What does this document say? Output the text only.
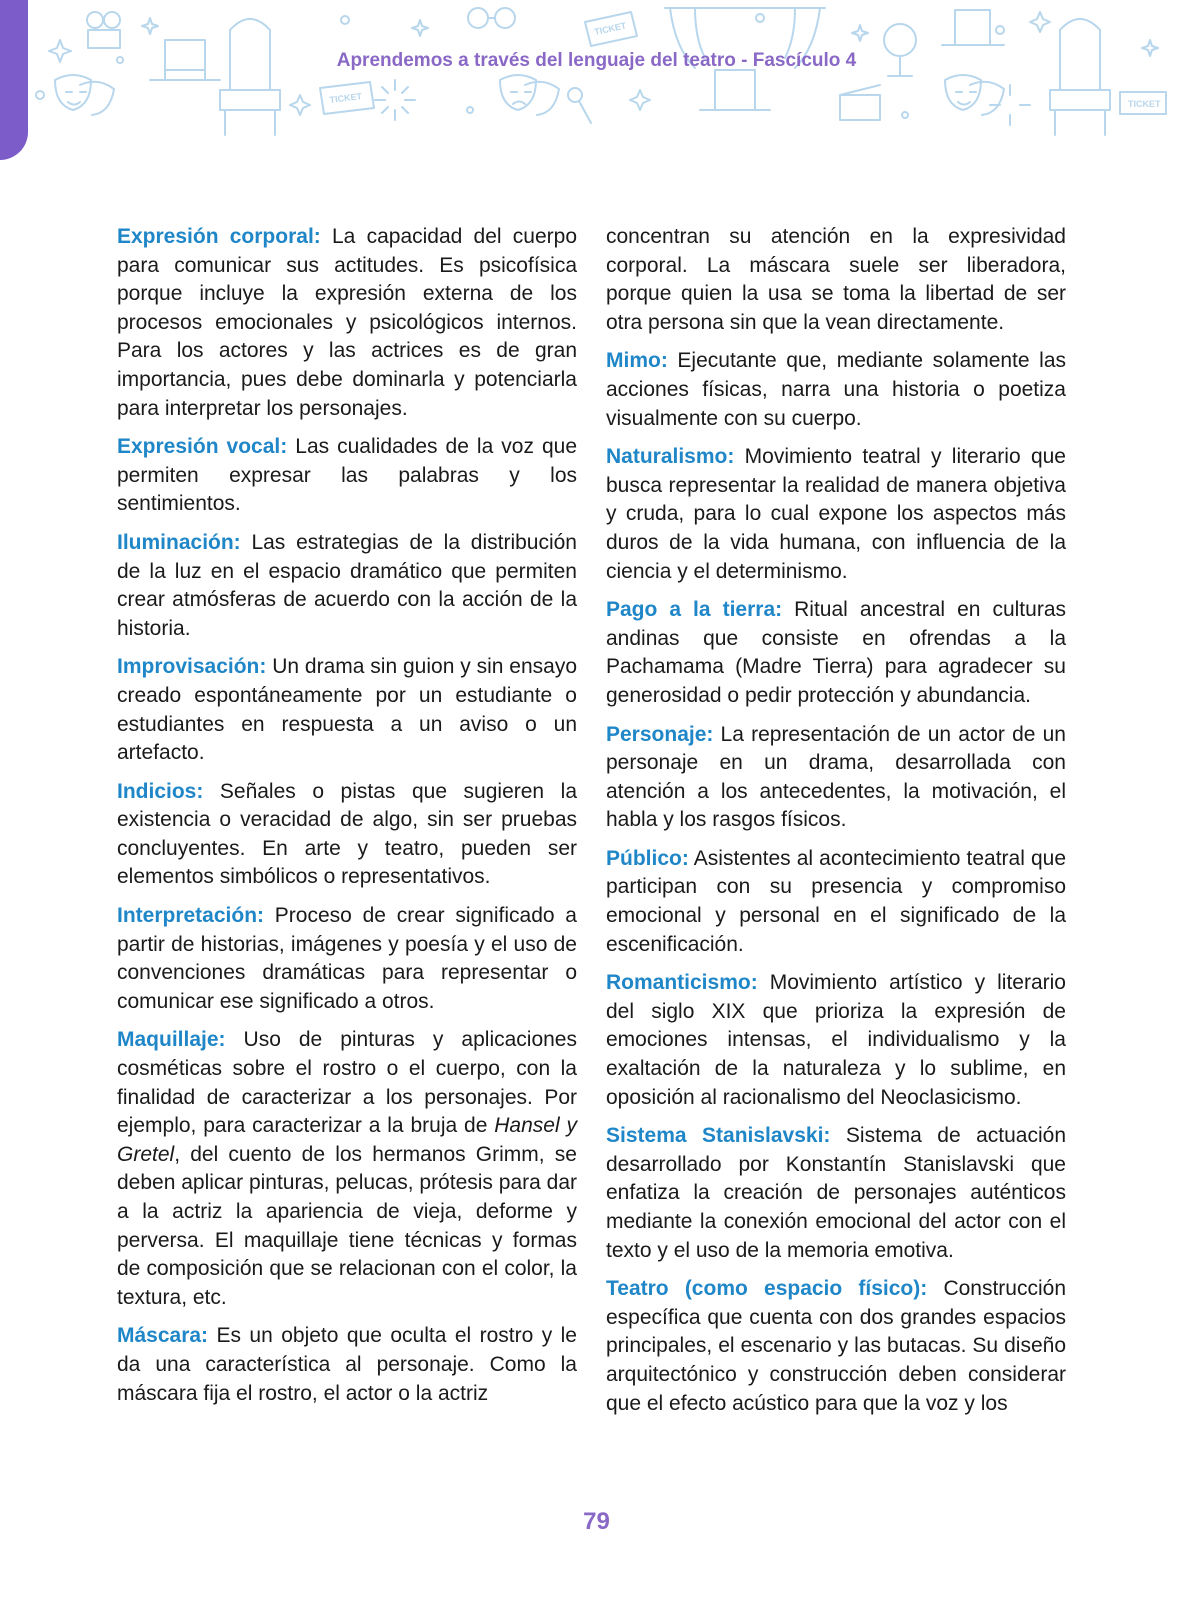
TICKET
TICKET
TICKET
Aprendemos a través del lenguaje del teatro - Fascículo 4

Expresión corporal: La capacidad del cuerpo para comunicar sus actitudes. Es psicofísica porque incluye la expresión externa de los procesos emocionales y psicológicos internos. Para los actores y las actrices es de gran importancia, pues debe dominarla y potenciarla para interpretar los personajes.

Expresión vocal: Las cualidades de la voz que permiten expresar las palabras y los sentimientos.

Iluminación: Las estrategias de la distribución de la luz en el espacio dramático que permiten crear atmósferas de acuerdo con la acción de la historia.

Improvisación: Un drama sin guion y sin ensayo creado espontáneamente por un estudiante o estudiantes en respuesta a un aviso o un artefacto.

Indicios: Señales o pistas que sugieren la existencia o veracidad de algo, sin ser pruebas concluyentes. En arte y teatro, pueden ser elementos simbólicos o representativos.

Interpretación: Proceso de crear significado a partir de historias, imágenes y poesía y el uso de convenciones dramáticas para representar o comunicar ese significado a otros.

Maquillaje: Uso de pinturas y aplicaciones cosméticas sobre el rostro o el cuerpo, con la finalidad de caracterizar a los personajes. Por ejemplo, para caracterizar a la bruja de Hansel y Gretel, del cuento de los hermanos Grimm, se deben aplicar pinturas, pelucas, prótesis para dar a la actriz la apariencia de vieja, deforme y perversa. El maquillaje tiene técnicas y formas de composición que se relacionan con el color, la textura, etc.

Máscara: Es un objeto que oculta el rostro y le da una característica al personaje. Como la máscara fija el rostro, el actor o la actriz

concentran su atención en la expresividad corporal. La máscara suele ser liberadora, porque quien la usa se toma la libertad de ser otra persona sin que la vean directamente.

Mimo: Ejecutante que, mediante solamente las acciones físicas, narra una historia o poetiza visualmente con su cuerpo.

Naturalismo: Movimiento teatral y literario que busca representar la realidad de manera objetiva y cruda, para lo cual expone los aspectos más duros de la vida humana, con influencia de la ciencia y el determinismo.

Pago a la tierra: Ritual ancestral en culturas andinas que consiste en ofrendas a la Pachamama (Madre Tierra) para agradecer su generosidad o pedir protección y abundancia.

Personaje: La representación de un actor de un personaje en un drama, desarrollada con atención a los antecedentes, la motivación, el habla y los rasgos físicos.

Público: Asistentes al acontecimiento teatral que participan con su presencia y compromiso emocional y personal en el significado de la escenificación.

Romanticismo: Movimiento artístico y literario del siglo XIX que prioriza la expresión de emociones intensas, el individualismo y la exaltación de la naturaleza y lo sublime, en oposición al racionalismo del Neoclasicismo.

Sistema Stanislavski: Sistema de actuación desarrollado por Konstantín Stanislavski que enfatiza la creación de personajes auténticos mediante la conexión emocional del actor con el texto y el uso de la memoria emotiva.

Teatro (como espacio físico): Construcción específica que cuenta con dos grandes espacios principales, el escenario y las butacas. Su diseño arquitectónico y construcción deben considerar que el efecto acústico para que la voz y los

79
